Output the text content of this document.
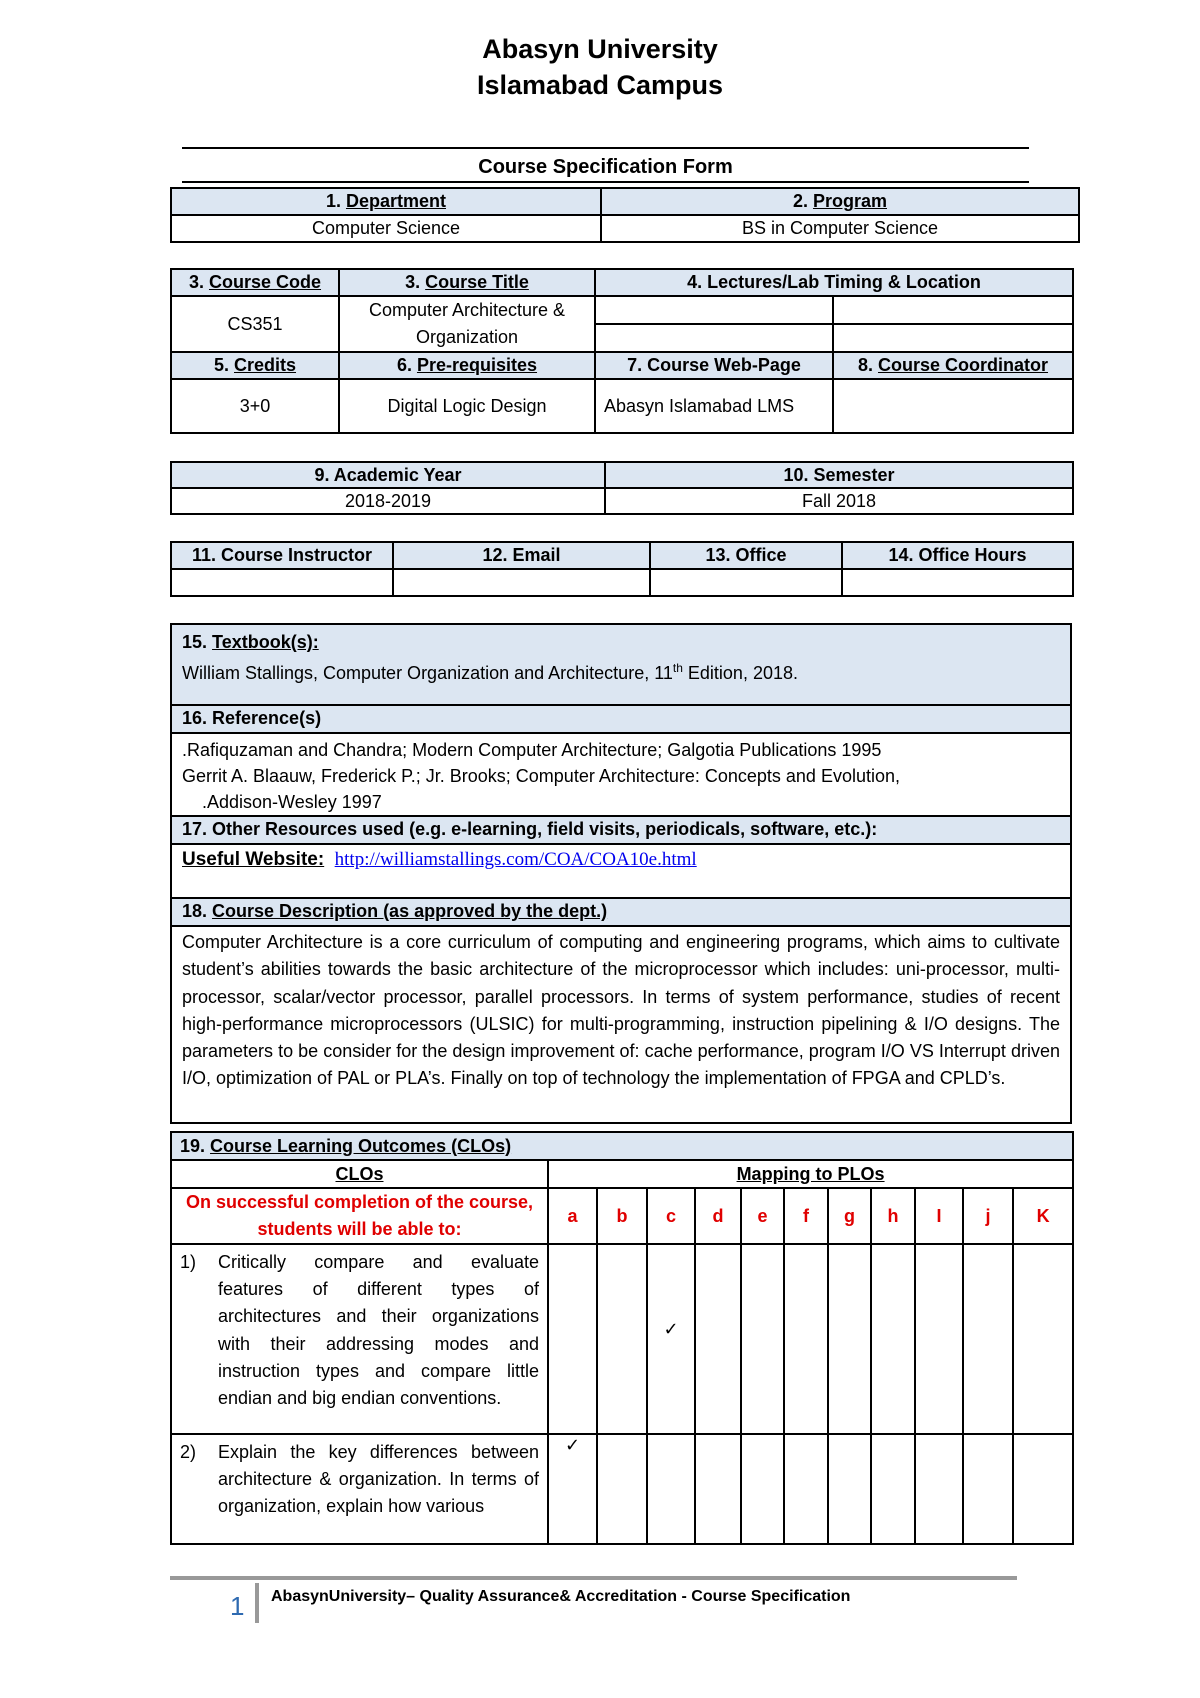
Abasyn University
Islamabad Campus
Course Specification Form
1. Department	2. Program
Computer Science	BS in Computer Science
3. Course Code	3. Course Title	4. Lectures/Lab Timing & Location	
CS351	Computer Architecture &
Organization		

5. Credits	6. Pre-requisites	7. Course Web-Page	8. Course Coordinator
3+0	Digital Logic Design	Abasyn Islamabad LMS	
9. Academic Year	10. Semester
2018-2019	Fall 2018
11. Course Instructor	12. Email	13. Office	14. Office Hours

15. Textbook(s):
William Stallings, Computer Organization and Architecture, 11th Edition, 2018.
16. Reference(s)
.Rafiquzaman and Chandra; Modern Computer Architecture; Galgotia Publications 1995
Gerrit A. Blaauw, Frederick P.; Jr. Brooks; Computer Architecture: Concepts and Evolution,
.Addison-Wesley 1997
17. Other Resources used (e.g. e-learning, field visits, periodicals, software, etc.):
Useful Website: http://williamstallings.com/COA/COA10e.html
18. Course Description (as approved by the dept.)
Computer Architecture is a core curriculum of computing and engineering programs, which aims to cultivate student’s abilities towards the basic architecture of the microprocessor which includes: uni-processor, multi-processor, scalar/vector processor, parallel processors. In terms of system performance, studies of recent high-performance microprocessors (ULSIC) for multi-programming, instruction pipelining & I/O designs. The parameters to be consider for the design improvement of: cache performance, program I/O VS Interrupt driven I/O, optimization of PAL or PLA’s. Finally on top of technology the implementation of FPGA and CPLD’s.
19. Course Learning Outcomes (CLOs)											
CLOs	Mapping to PLOs										
On successful completion of the course, students will be able to:	a	b	c	d	e	f	g	h	I	j	K

1) Critically compare and evaluate features of different types of architectures and their organizations with their addressing modes and instruction types and compare little endian and big endian conventions.			✓								

2) Explain the key differences between architecture & organization. In terms of organization, explain how various	✓										
1 AbasynUniversity– Quality Assurance& Accreditation - Course Specification
